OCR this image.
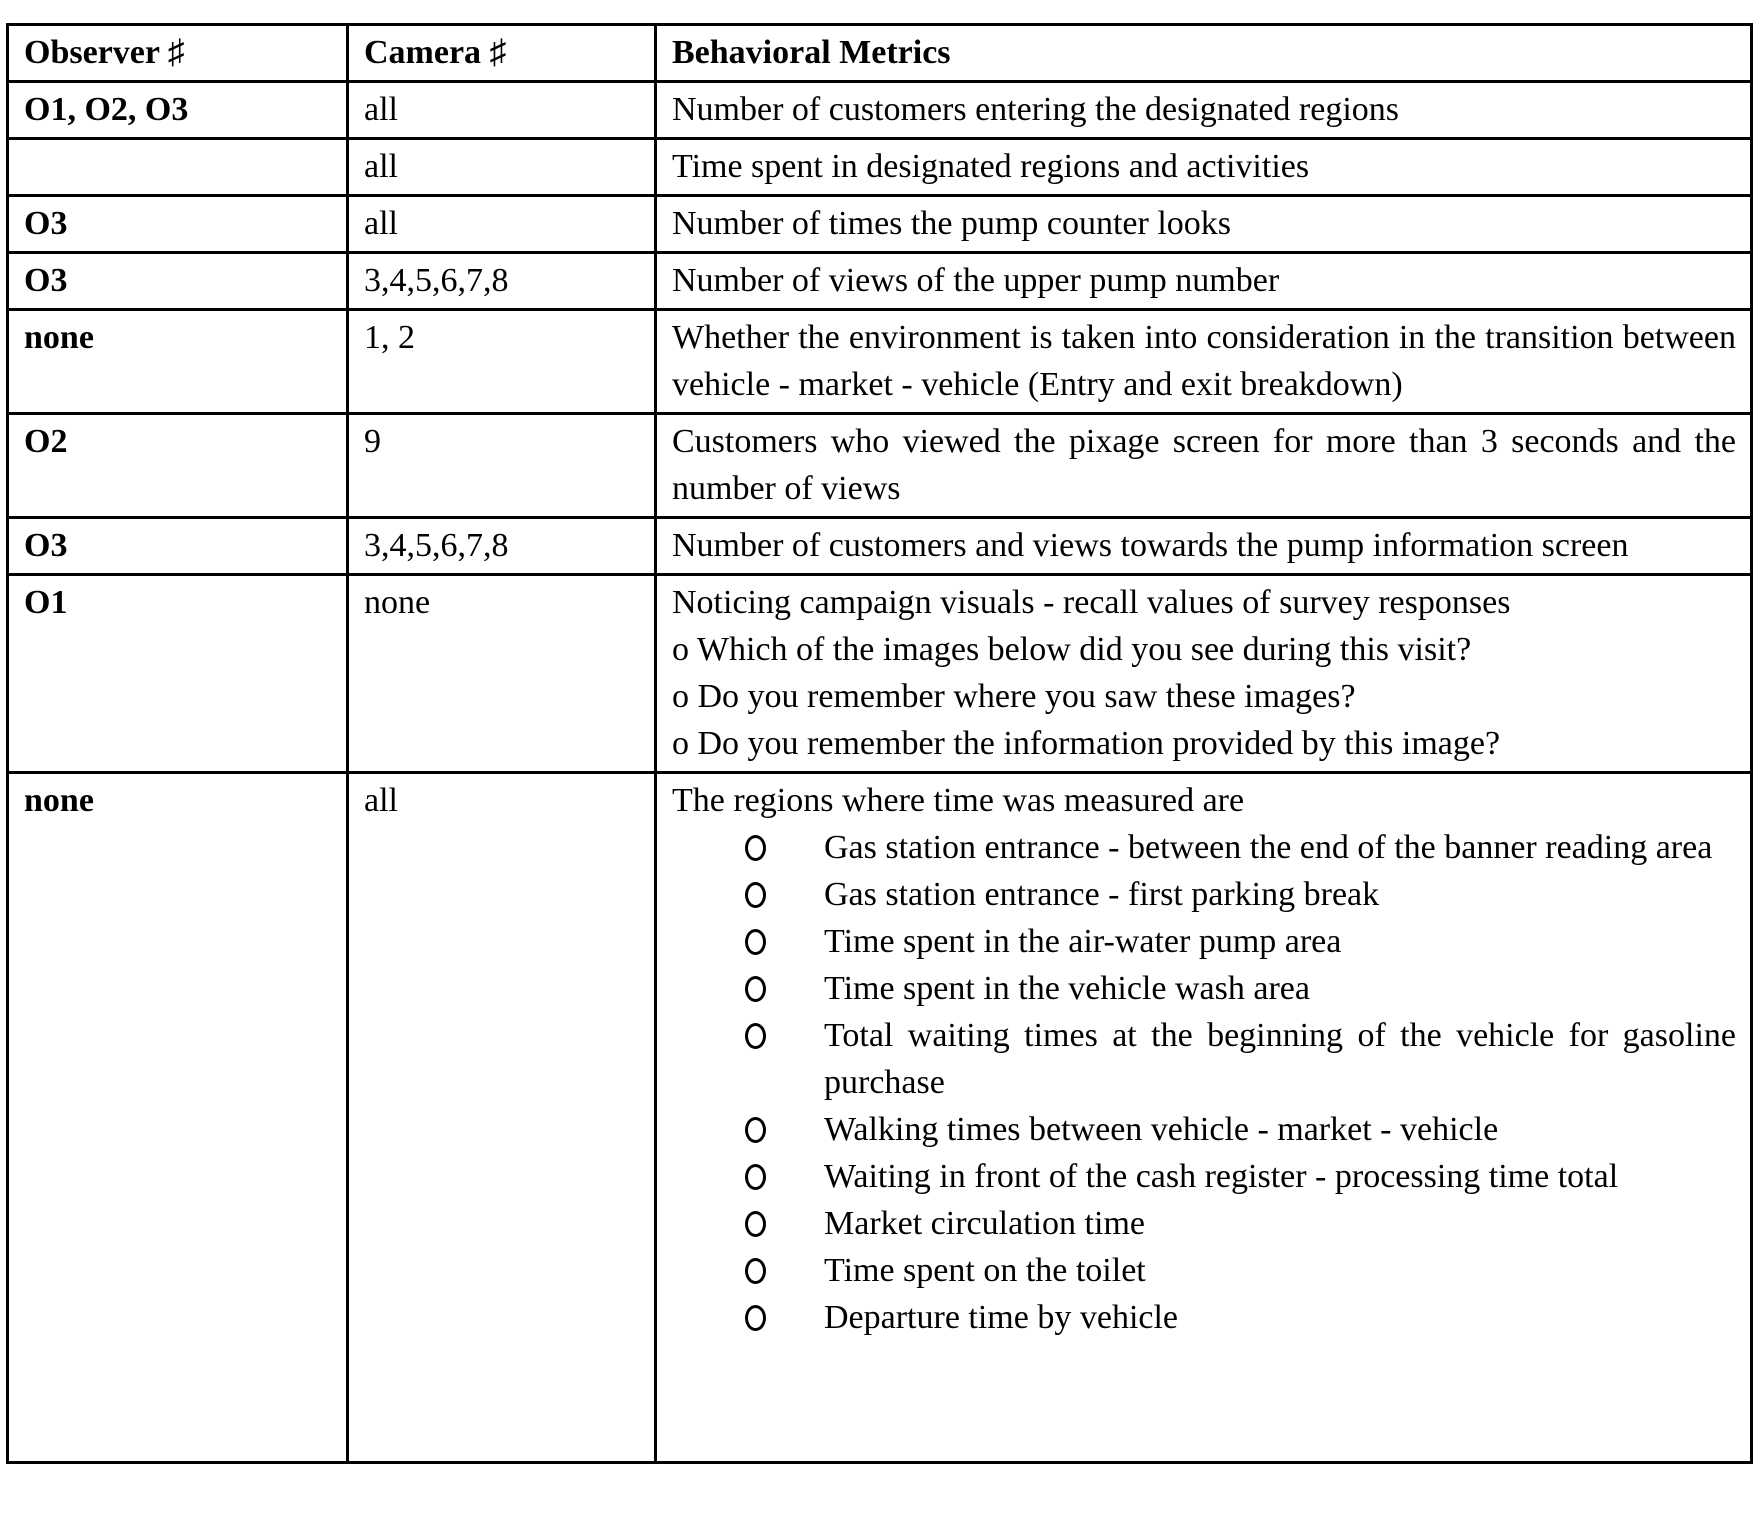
Observer ♯	Camera ♯	Behavioral Metrics
O1, O2, O3	all	Number of customers entering the designated regions
	all	Time spent in designated regions and activities
O3	all	Number of times the pump counter looks
O3	3,4,5,6,7,8	Number of views of the upper pump number
none	1, 2	Whether the environment is taken into consideration in the transition between vehicle - market - vehicle (Entry and exit breakdown)
O2	9	Customers who viewed the pixage screen for more than 3 seconds and the number of views
O3	3,4,5,6,7,8	Number of customers and views towards the pump information screen
O1	none	Noticing campaign visuals - recall values of survey responses
o Which of the images below did you see during this visit?
o Do you remember where you saw these images?
o Do you remember the information provided by this image?

none	all	The regions where time was measured are
Gas station entrance - between the end of the banner reading area
Gas station entrance - first parking break
Time spent in the air-water pump area
Time spent in the vehicle wash area
Total waiting times at the beginning of the vehicle for gasoline purchase
Walking times between vehicle - market - vehicle
Waiting in front of the cash register - processing time total
Market circulation time
Time spent on the toilet
Departure time by vehicle
